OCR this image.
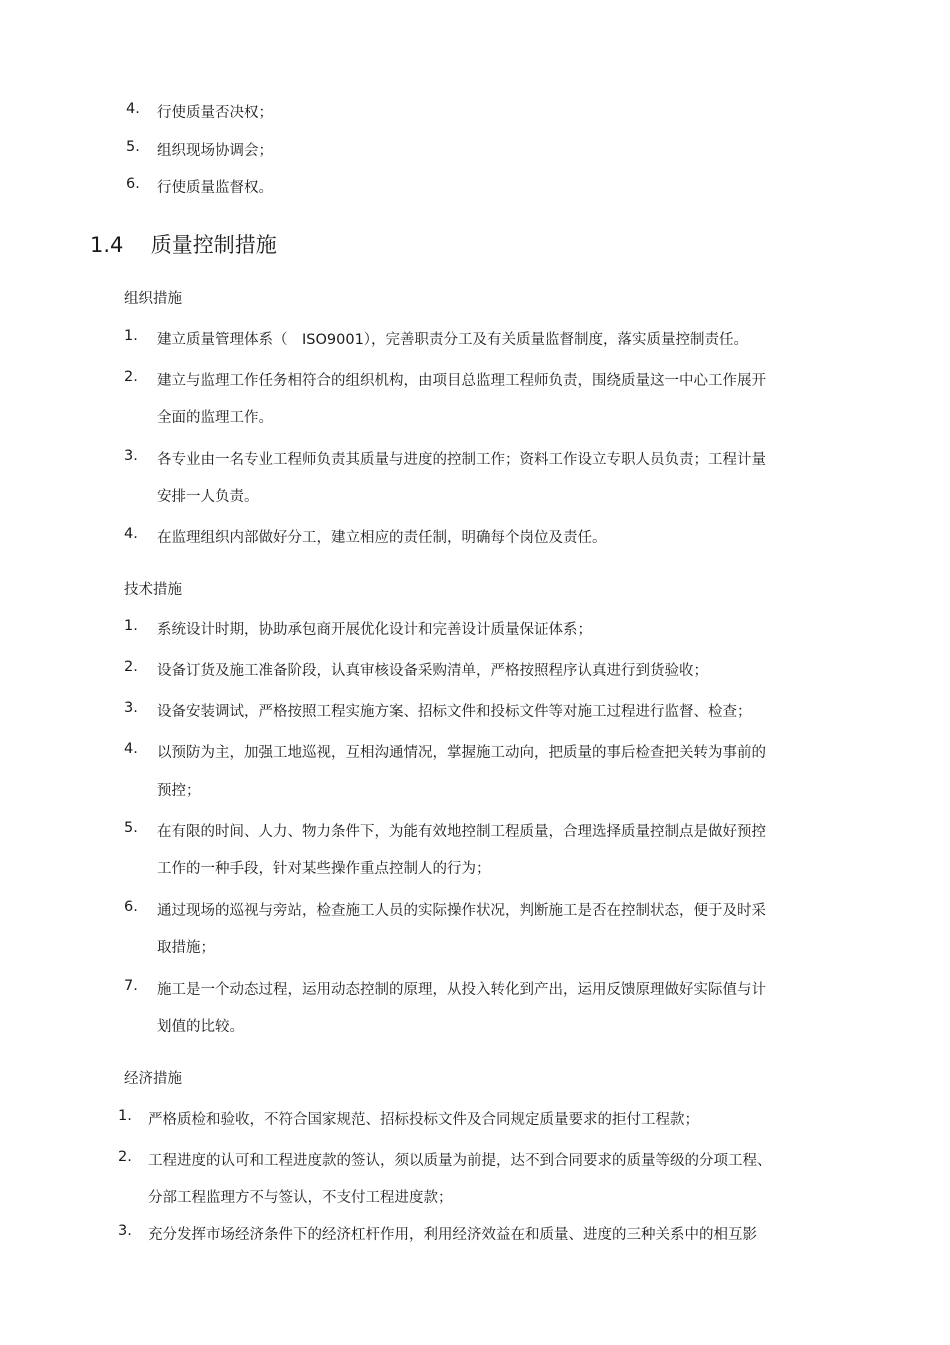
4.	行使质量否决权；
5.	组织现场协调会；
6.	行使质量监督权。
1.4 质量控制措施
组织措施
1.	建立质量管理体系（　ISO9001），完善职责分工及有关质量监督制度，落实质量控制责任。
2.	建立与监理工作任务相符合的组织机构，由项目总监理工程师负责，围绕质量这一中心工作展开
全面的监理工作。
3.	各专业由一名专业工程师负责其质量与进度的控制工作；资料工作设立专职人员负责；工程计量
安排一人负责。
4.	在监理组织内部做好分工，建立相应的责任制，明确每个岗位及责任。
技术措施
1.	系统设计时期，协助承包商开展优化设计和完善设计质量保证体系；
2.	设备订货及施工准备阶段，认真审核设备采购清单，严格按照程序认真进行到货验收；
3.	设备安装调试，严格按照工程实施方案、招标文件和投标文件等对施工过程进行监督、检查；
4.	以预防为主，加强工地巡视，互相沟通情况，掌握施工动向，把质量的事后检查把关转为事前的
预控；
5.	在有限的时间、人力、物力条件下，为能有效地控制工程质量，合理选择质量控制点是做好预控
工作的一种手段，针对某些操作重点控制人的行为；
6.	通过现场的巡视与旁站，检查施工人员的实际操作状况，判断施工是否在控制状态，便于及时采
取措施；
7.	施工是一个动态过程，运用动态控制的原理，从投入转化到产出，运用反馈原理做好实际值与计
划值的比较。
经济措施
1.	严格质检和验收，不符合国家规范、招标投标文件及合同规定质量要求的拒付工程款；
2.	工程进度的认可和工程进度款的签认，须以质量为前提，达不到合同要求的质量等级的分项工程、
分部工程监理方不与签认，不支付工程进度款；
3.	充分发挥市场经济条件下的经济杠杆作用，利用经济效益在和质量、进度的三种关系中的相互影
